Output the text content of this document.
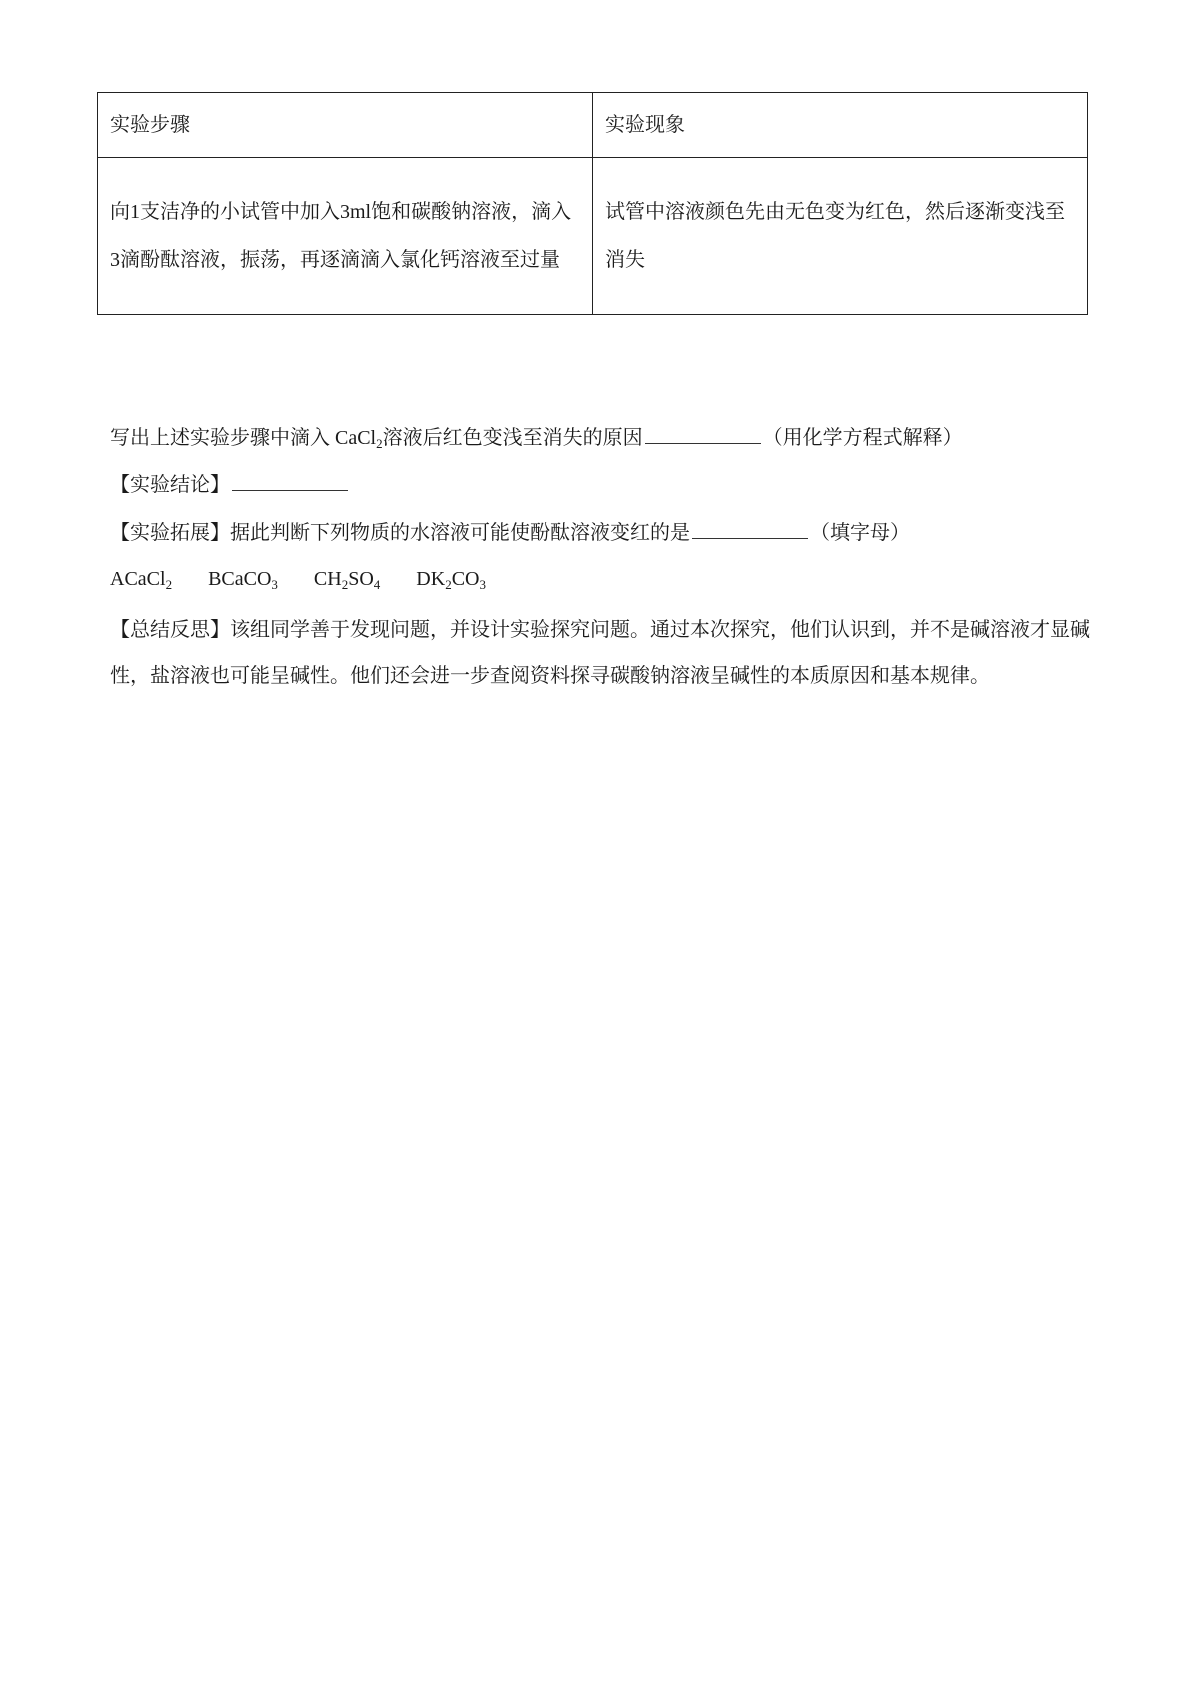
实验步骤	实验现象

向1支洁净的小试管中加入3ml饱和碳酸钠溶液，滴入3滴酚酞溶液，振荡，再逐滴滴入氯化钙溶液至过量	试管中溶液颜色先由无色变为红色，然后逐渐变浅至消失
写出上述实验步骤中滴入 CaCl$_2$溶液后红色变浅至消失的原因	（用化学方程式解释）
【实验结论】
【实验拓展】据此判断下列物质的水溶液可能使酚酞溶液变红的是	（填字母）
ACaCl$_2$ BCaCO$_3$ $CH_2SO_4$ $DK_2CO_3$
【总结反思】该组同学善于发现问题，并设计实验探究问题。通过本次探究，他们认识到，并不是碱溶液才显碱性，盐溶液也可能呈碱性。他们还会进一步查阅资料探寻碳酸钠溶液呈碱性的本质原因和基本规律。
